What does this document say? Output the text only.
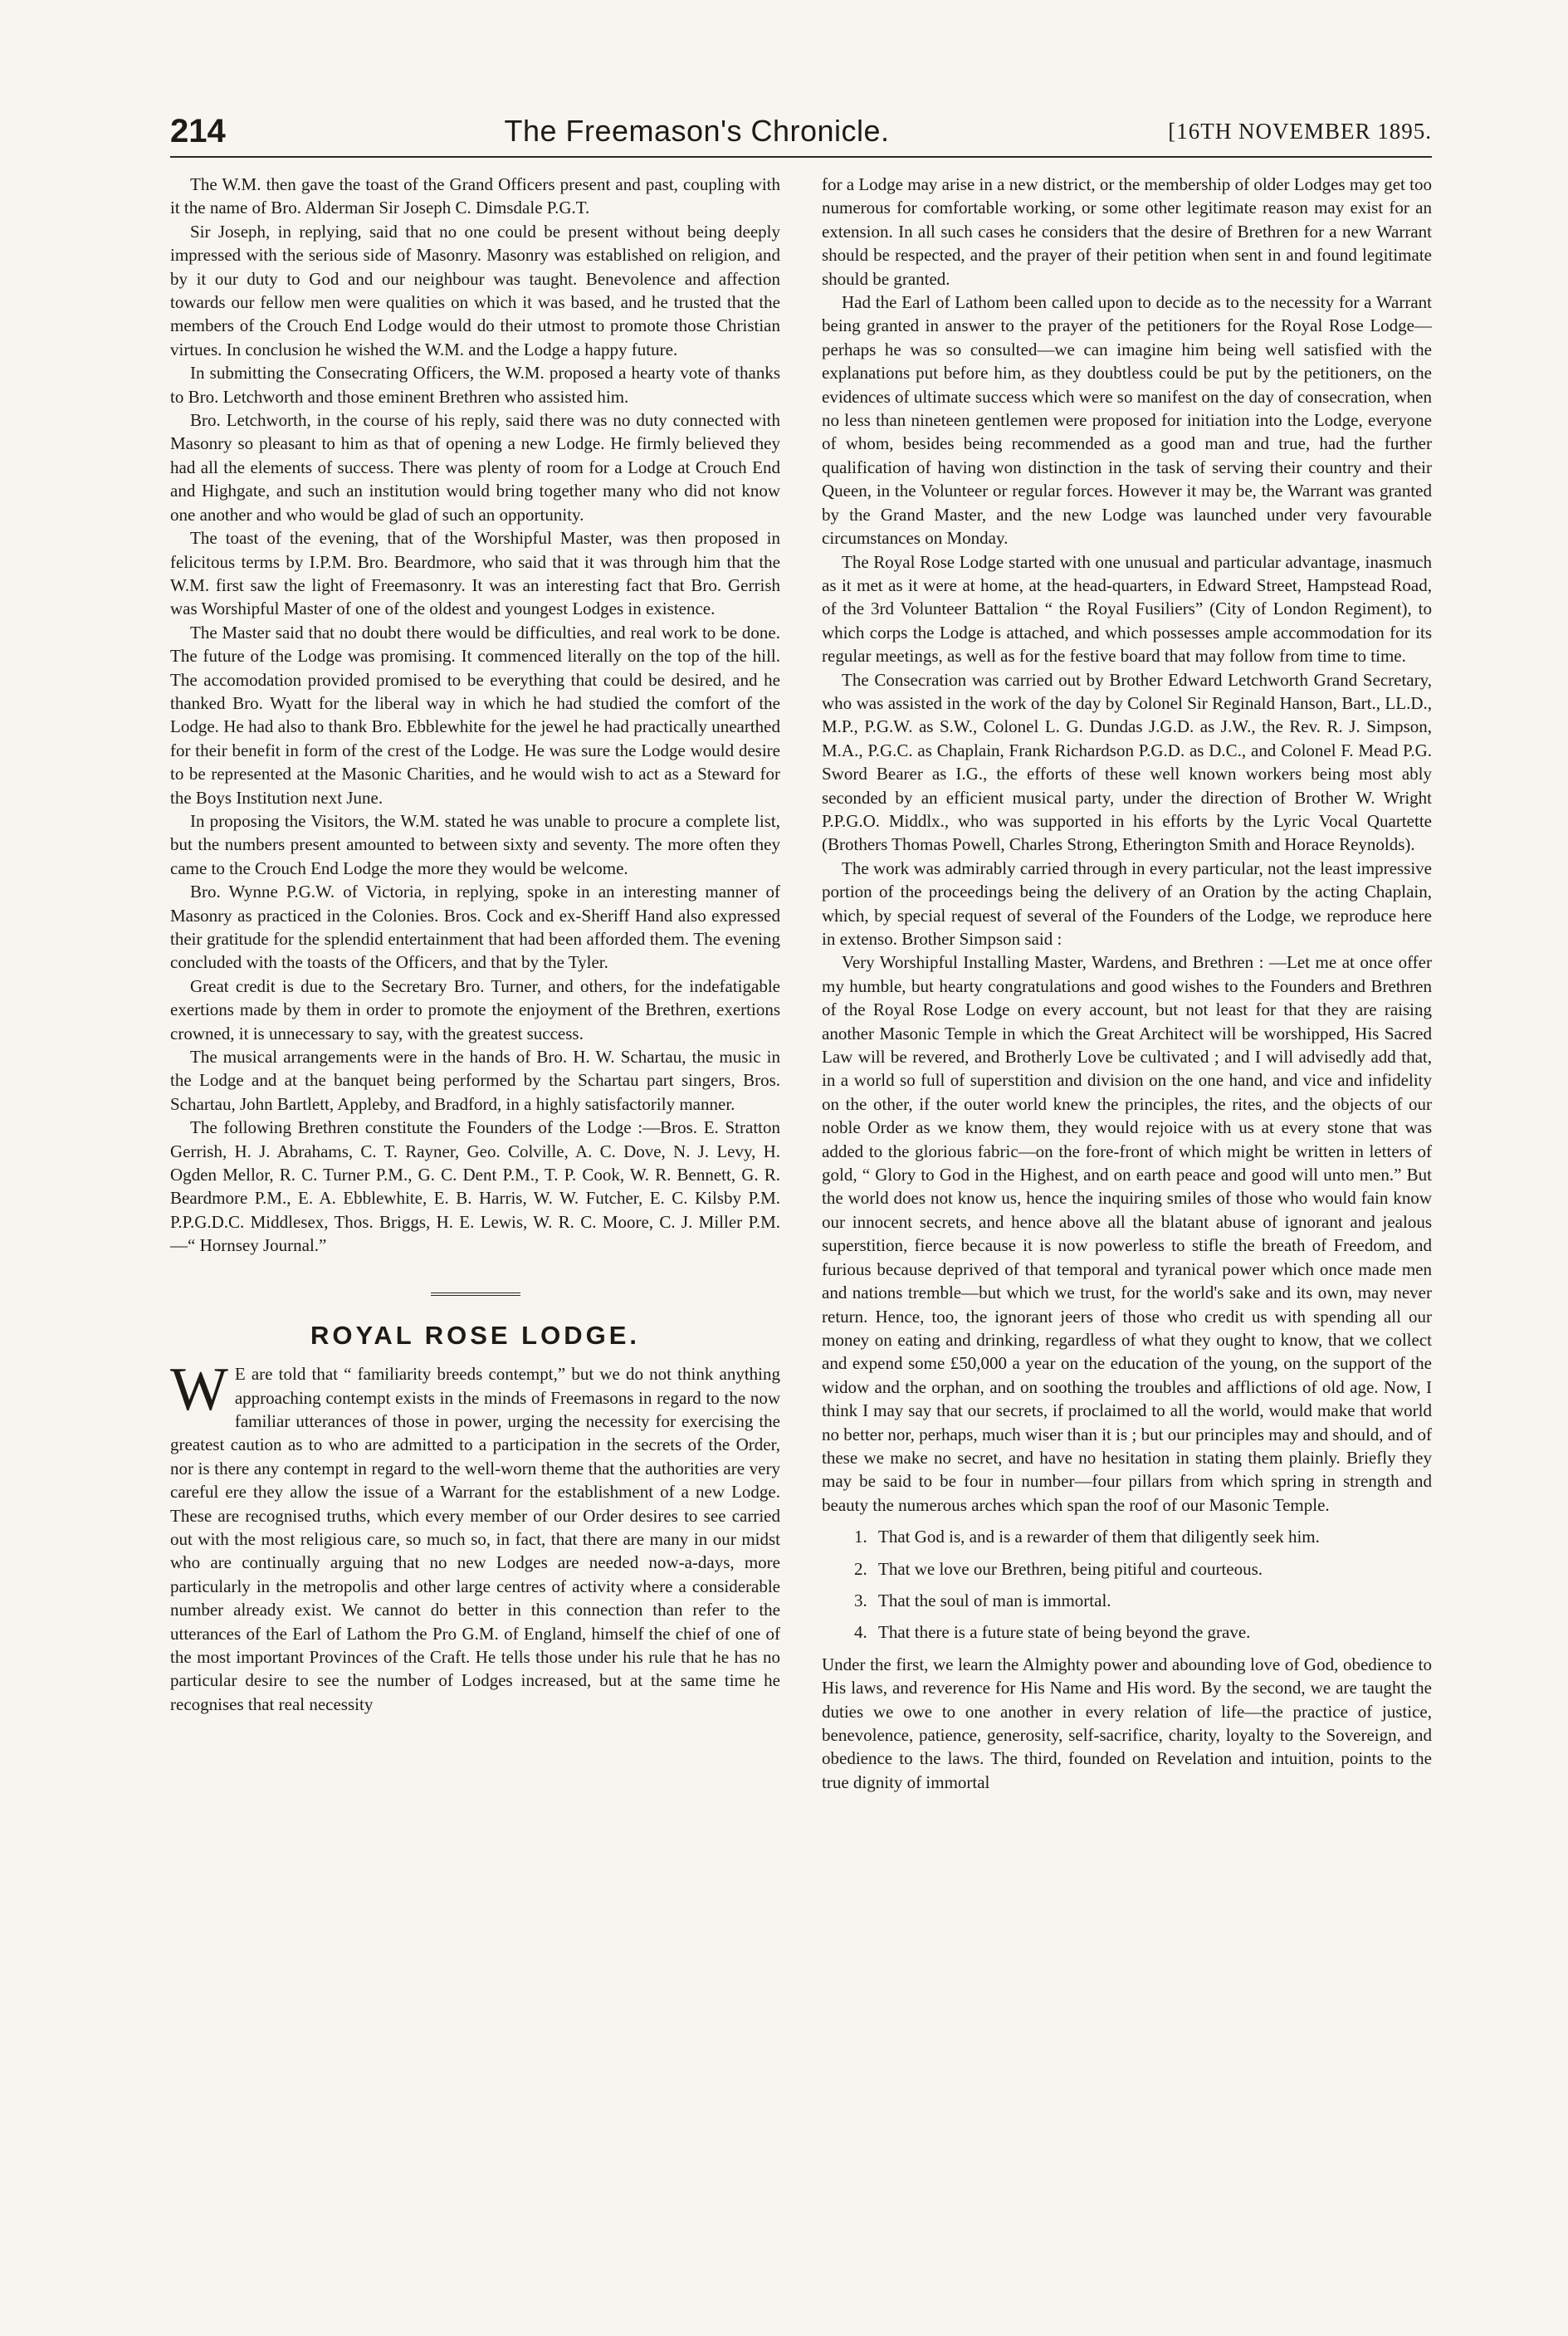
214	The Freemason's Chronicle.	[16TH NOVEMBER 1895.

The W.M. then gave the toast of the Grand Officers present and past, coupling with it the name of Bro. Alderman Sir Joseph C. Dimsdale P.G.T.

Sir Joseph, in replying, said that no one could be present without being deeply impressed with the serious side of Masonry. Masonry was established on religion, and by it our duty to God and our neighbour was taught. Benevolence and affection towards our fellow men were qualities on which it was based, and he trusted that the members of the Crouch End Lodge would do their utmost to promote those Christian virtues. In conclusion he wished the W.M. and the Lodge a happy future.

In submitting the Consecrating Officers, the W.M. proposed a hearty vote of thanks to Bro. Letchworth and those eminent Brethren who assisted him.

Bro. Letchworth, in the course of his reply, said there was no duty connected with Masonry so pleasant to him as that of opening a new Lodge. He firmly believed they had all the elements of success. There was plenty of room for a Lodge at Crouch End and Highgate, and such an institution would bring together many who did not know one another and who would be glad of such an opportunity.

The toast of the evening, that of the Worshipful Master, was then proposed in felicitous terms by I.P.M. Bro. Beardmore, who said that it was through him that the W.M. first saw the light of Freemasonry. It was an interesting fact that Bro. Gerrish was Worshipful Master of one of the oldest and youngest Lodges in existence.

The Master said that no doubt there would be difficulties, and real work to be done. The future of the Lodge was promising. It commenced literally on the top of the hill. The accomodation provided promised to be everything that could be desired, and he thanked Bro. Wyatt for the liberal way in which he had studied the comfort of the Lodge. He had also to thank Bro. Ebblewhite for the jewel he had practically unearthed for their benefit in form of the crest of the Lodge. He was sure the Lodge would desire to be represented at the Masonic Charities, and he would wish to act as a Steward for the Boys Institution next June.

In proposing the Visitors, the W.M. stated he was unable to procure a complete list, but the numbers present amounted to between sixty and seventy. The more often they came to the Crouch End Lodge the more they would be welcome.

Bro. Wynne P.G.W. of Victoria, in replying, spoke in an interesting manner of Masonry as practiced in the Colonies. Bros. Cock and ex-Sheriff Hand also expressed their gratitude for the splendid entertainment that had been afforded them. The evening concluded with the toasts of the Officers, and that by the Tyler.

Great credit is due to the Secretary Bro. Turner, and others, for the indefatigable exertions made by them in order to promote the enjoyment of the Brethren, exertions crowned, it is unnecessary to say, with the greatest success.

The musical arrangements were in the hands of Bro. H. W. Schartau, the music in the Lodge and at the banquet being performed by the Schartau part singers, Bros. Schartau, John Bartlett, Appleby, and Bradford, in a highly satisfactorily manner.

The following Brethren constitute the Founders of the Lodge :—Bros. E. Stratton Gerrish, H. J. Abrahams, C. T. Rayner, Geo. Colville, A. C. Dove, N. J. Levy, H. Ogden Mellor, R. C. Turner P.M., G. C. Dent P.M., T. P. Cook, W. R. Bennett, G. R. Beardmore P.M., E. A. Ebblewhite, E. B. Harris, W. W. Futcher, E. C. Kilsby P.M. P.P.G.D.C. Middlesex, Thos. Briggs, H. E. Lewis, W. R. C. Moore, C. J. Miller P.M.—“ Hornsey Journal.”

ROYAL ROSE LODGE.

W E are told that “ familiarity breeds contempt,” but we do not think anything approaching contempt exists in the minds of Freemasons in regard to the now familiar utterances of those in power, urging the necessity for exercising the greatest caution as to who are admitted to a participation in the secrets of the Order, nor is there any contempt in regard to the well-worn theme that the authorities are very careful ere they allow the issue of a Warrant for the establishment of a new Lodge. These are recognised truths, which every member of our Order desires to see carried out with the most religious care, so much so, in fact, that there are many in our midst who are continually arguing that no new Lodges are needed now-a-days, more particularly in the metropolis and other large centres of activity where a considerable number already exist. We cannot do better in this connection than refer to the utterances of the Earl of Lathom the Pro G.M. of England, himself the chief of one of the most important Provinces of the Craft. He tells those under his rule that he has no particular desire to see the number of Lodges increased, but at the same time he recognises that real necessity

for a Lodge may arise in a new district, or the membership of older Lodges may get too numerous for comfortable working, or some other legitimate reason may exist for an extension. In all such cases he considers that the desire of Brethren for a new Warrant should be respected, and the prayer of their petition when sent in and found legitimate should be granted.

Had the Earl of Lathom been called upon to decide as to the necessity for a Warrant being granted in answer to the prayer of the petitioners for the Royal Rose Lodge—perhaps he was so consulted—we can imagine him being well satisfied with the explanations put before him, as they doubtless could be put by the petitioners, on the evidences of ultimate success which were so manifest on the day of consecration, when no less than nineteen gentlemen were proposed for initiation into the Lodge, everyone of whom, besides being recommended as a good man and true, had the further qualification of having won distinction in the task of serving their country and their Queen, in the Volunteer or regular forces. However it may be, the Warrant was granted by the Grand Master, and the new Lodge was launched under very favourable circumstances on Monday.

The Royal Rose Lodge started with one unusual and particular advantage, inasmuch as it met as it were at home, at the head-quarters, in Edward Street, Hampstead Road, of the 3rd Volunteer Battalion “ the Royal Fusiliers” (City of London Regiment), to which corps the Lodge is attached, and which possesses ample accommodation for its regular meetings, as well as for the festive board that may follow from time to time.

The Consecration was carried out by Brother Edward Letchworth Grand Secretary, who was assisted in the work of the day by Colonel Sir Reginald Hanson, Bart., LL.D., M.P., P.G.W. as S.W., Colonel L. G. Dundas J.G.D. as J.W., the Rev. R. J. Simpson, M.A., P.G.C. as Chaplain, Frank Richardson P.G.D. as D.C., and Colonel F. Mead P.G. Sword Bearer as I.G., the efforts of these well known workers being most ably seconded by an efficient musical party, under the direction of Brother W. Wright P.P.G.O. Middlx., who was supported in his efforts by the Lyric Vocal Quartette (Brothers Thomas Powell, Charles Strong, Etherington Smith and Horace Reynolds).

The work was admirably carried through in every particular, not the least impressive portion of the proceedings being the delivery of an Oration by the acting Chaplain, which, by special request of several of the Founders of the Lodge, we reproduce here in extenso. Brother Simpson said :

Very Worshipful Installing Master, Wardens, and Brethren : —Let me at once offer my humble, but hearty congratulations and good wishes to the Founders and Brethren of the Royal Rose Lodge on every account, but not least for that they are raising another Masonic Temple in which the Great Architect will be worshipped, His Sacred Law will be revered, and Brotherly Love be cultivated ; and I will advisedly add that, in a world so full of superstition and division on the one hand, and vice and infidelity on the other, if the outer world knew the principles, the rites, and the objects of our noble Order as we know them, they would rejoice with us at every stone that was added to the glorious fabric—on the fore-front of which might be written in letters of gold, “ Glory to God in the Highest, and on earth peace and good will unto men.” But the world does not know us, hence the inquiring smiles of those who would fain know our innocent secrets, and hence above all the blatant abuse of ignorant and jealous superstition, fierce because it is now powerless to stifle the breath of Freedom, and furious because deprived of that temporal and tyranical power which once made men and nations tremble—but which we trust, for the world's sake and its own, may never return. Hence, too, the ignorant jeers of those who credit us with spending all our money on eating and drinking, regardless of what they ought to know, that we collect and expend some £50,000 a year on the education of the young, on the support of the widow and the orphan, and on soothing the troubles and afflictions of old age. Now, I think I may say that our secrets, if proclaimed to all the world, would make that world no better nor, perhaps, much wiser than it is ; but our principles may and should, and of these we make no secret, and have no hesitation in stating them plainly. Briefly they may be said to be four in number—four pillars from which spring in strength and beauty the numerous arches which span the roof of our Masonic Temple.

1. That God is, and is a rewarder of them that diligently seek him.
2. That we love our Brethren, being pitiful and courteous.
3. That the soul of man is immortal.
4. That there is a future state of being beyond the grave.

Under the first, we learn the Almighty power and abounding love of God, obedience to His laws, and reverence for His Name and His word. By the second, we are taught the duties we owe to one another in every relation of life—the practice of justice, benevolence, patience, generosity, self-sacrifice, charity, loyalty to the Sovereign, and obedience to the laws. The third, founded on Revelation and intuition, points to the true dignity of immortal
